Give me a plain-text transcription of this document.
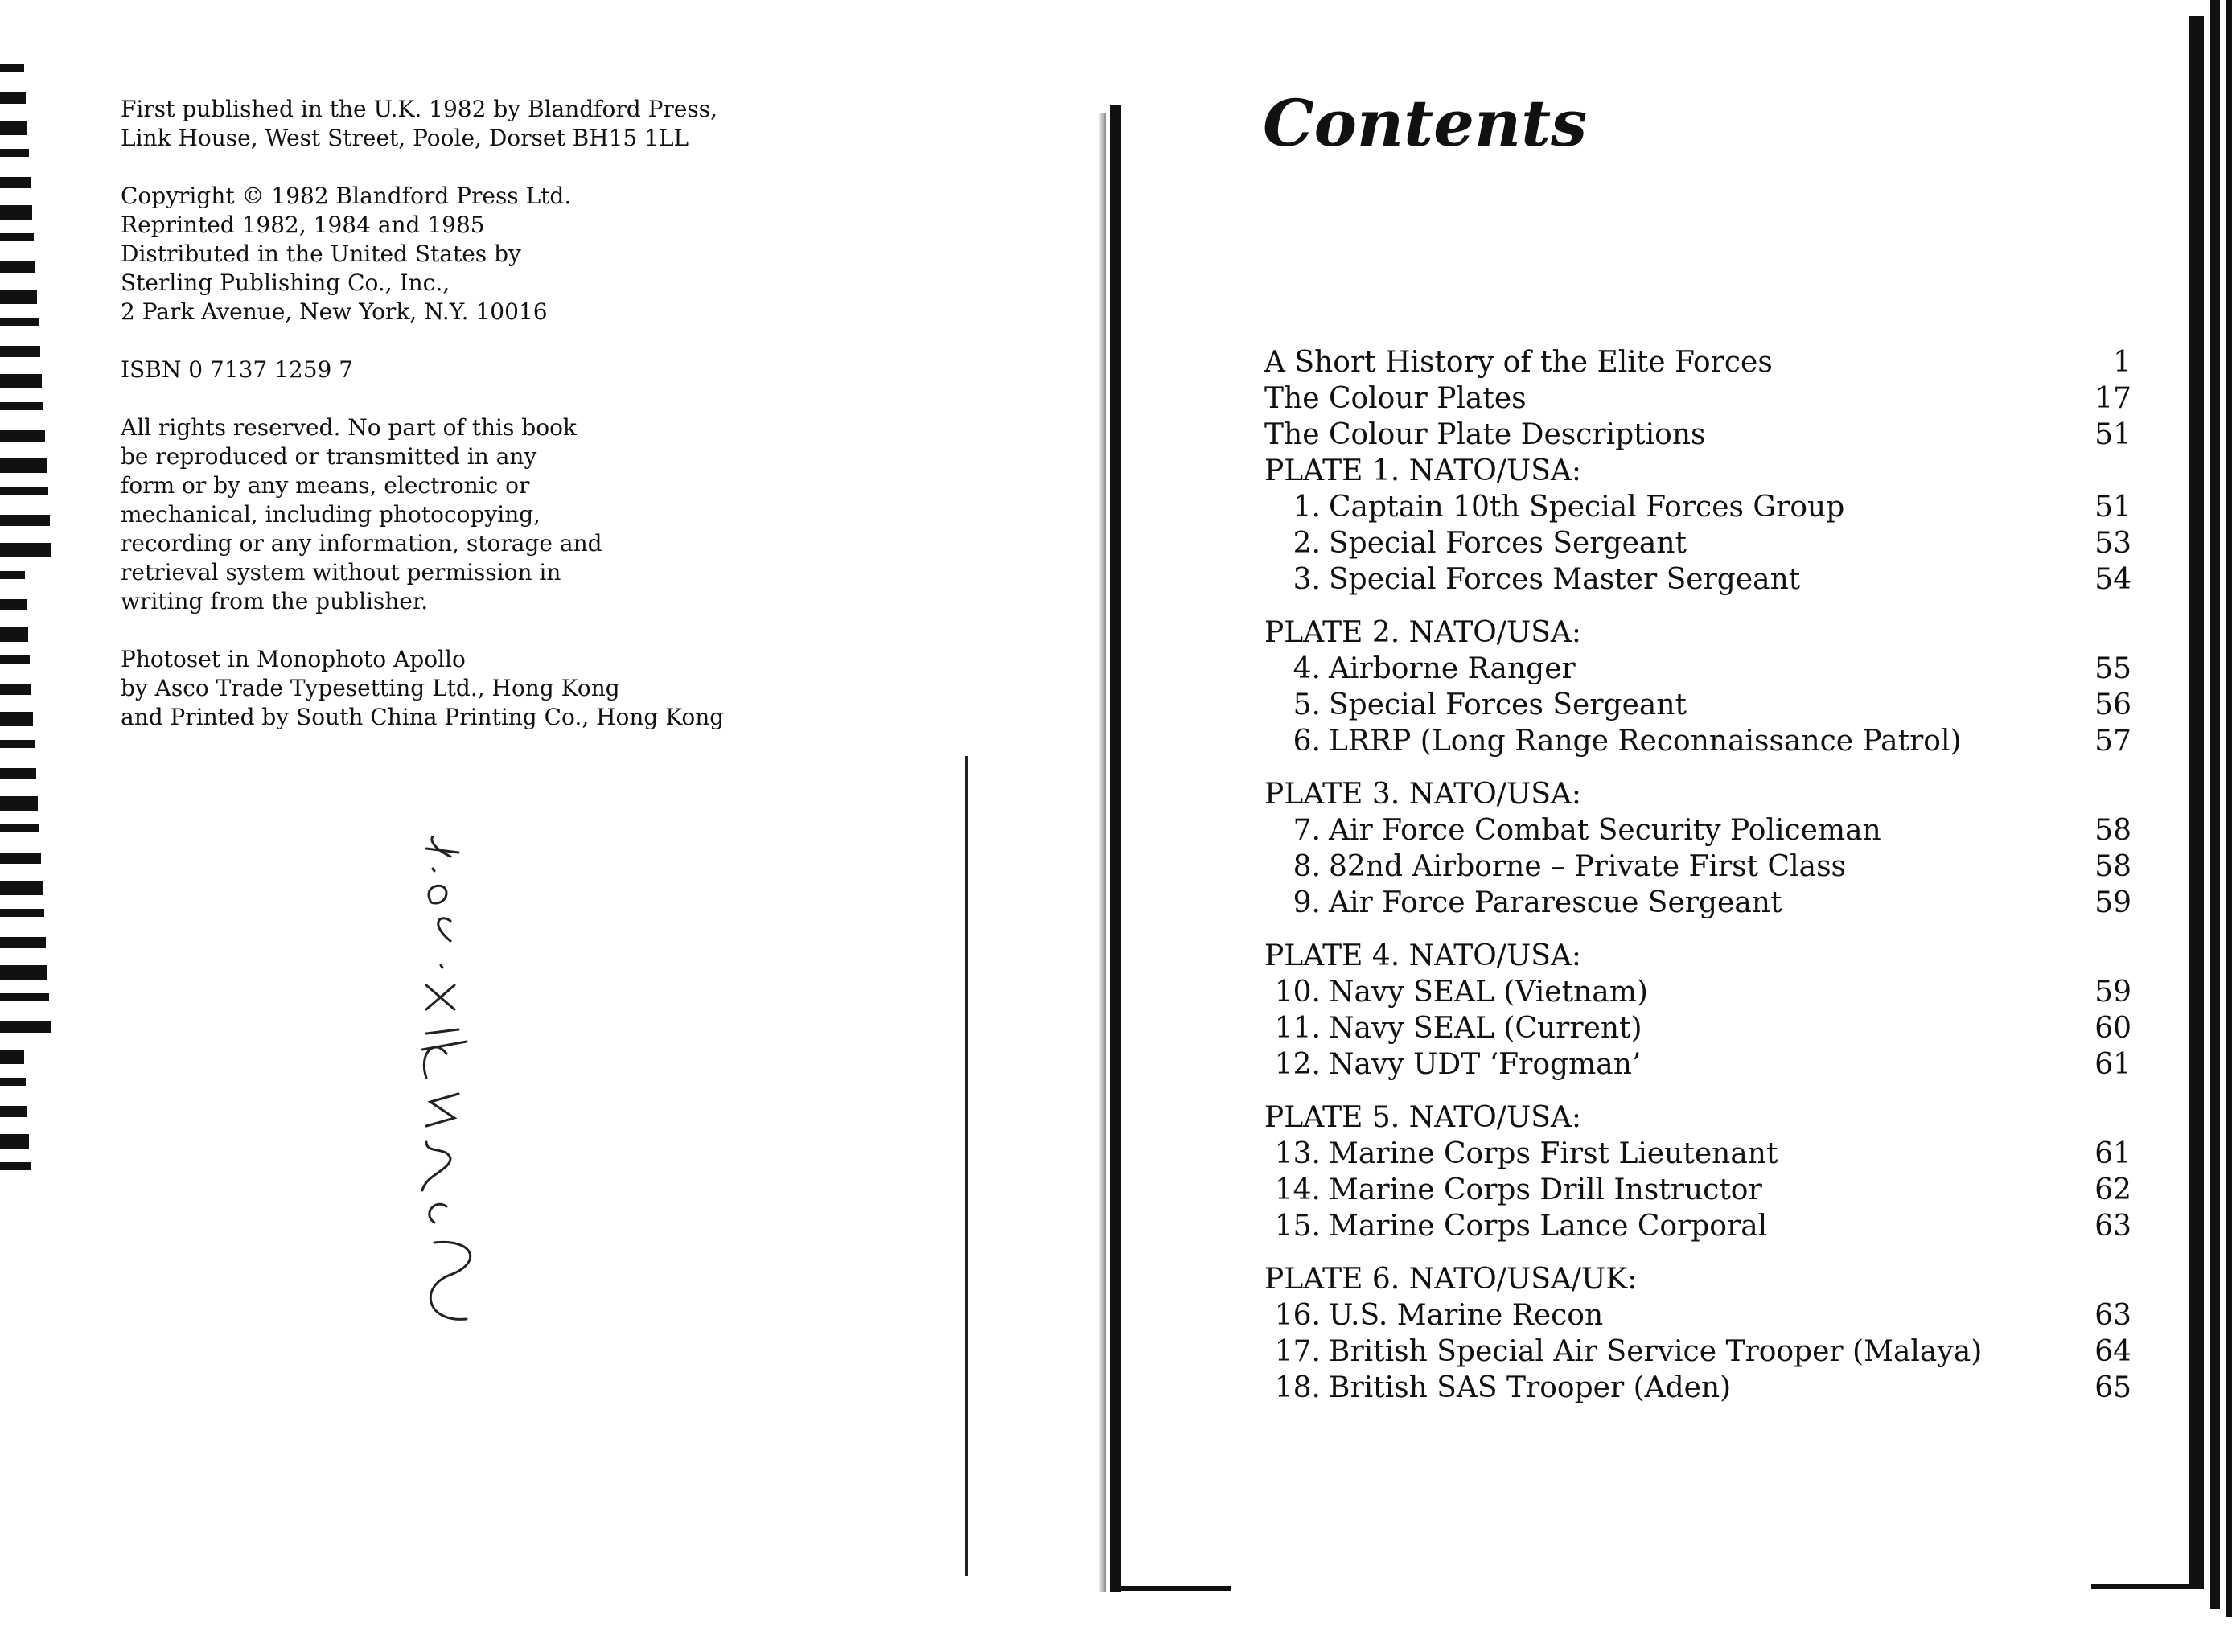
First published in the U.K. 1982 by Blandford Press,
Link House, West Street, Poole, Dorset BH15 1LL

Copyright © 1982 Blandford Press Ltd.
Reprinted 1982, 1984 and 1985
Distributed in the United States by
Sterling Publishing Co., Inc.,
2 Park Avenue, New York, N.Y. 10016

ISBN 0 7137 1259 7

All rights reserved. No part of this book
be reproduced or transmitted in any
form or by any means, electronic or
mechanical, including photocopying,
recording or any information, storage and
retrieval system without permission in
writing from the publisher.

Photoset in Monophoto Apollo
by Asco Trade Typesetting Ltd., Hong Kong
and Printed by South China Printing Co., Hong Kong

Contents
A Short History of the Elite Forces	1
The Colour Plates	17
The Colour Plate Descriptions	51
PLATE 1. NATO/USA:
1. Captain 10th Special Forces Group	51
2. Special Forces Sergeant	53
3. Special Forces Master Sergeant	54
PLATE 2. NATO/USA:
4. Airborne Ranger	55
5. Special Forces Sergeant	56
6. LRRP (Long Range Reconnaissance Patrol)	57
PLATE 3. NATO/USA:
7. Air Force Combat Security Policeman	58
8. 82nd Airborne – Private First Class	58
9. Air Force Pararescue Sergeant	59
PLATE 4. NATO/USA:
10. Navy SEAL (Vietnam)	59
11. Navy SEAL (Current)	60
12. Navy UDT ‘Frogman’	61
PLATE 5. NATO/USA:
13. Marine Corps First Lieutenant	61
14. Marine Corps Drill Instructor	62
15. Marine Corps Lance Corporal	63
PLATE 6. NATO/USA/UK:
16. U.S. Marine Recon	63
17. British Special Air Service Trooper (Malaya)	64
18. British SAS Trooper (Aden)	65
